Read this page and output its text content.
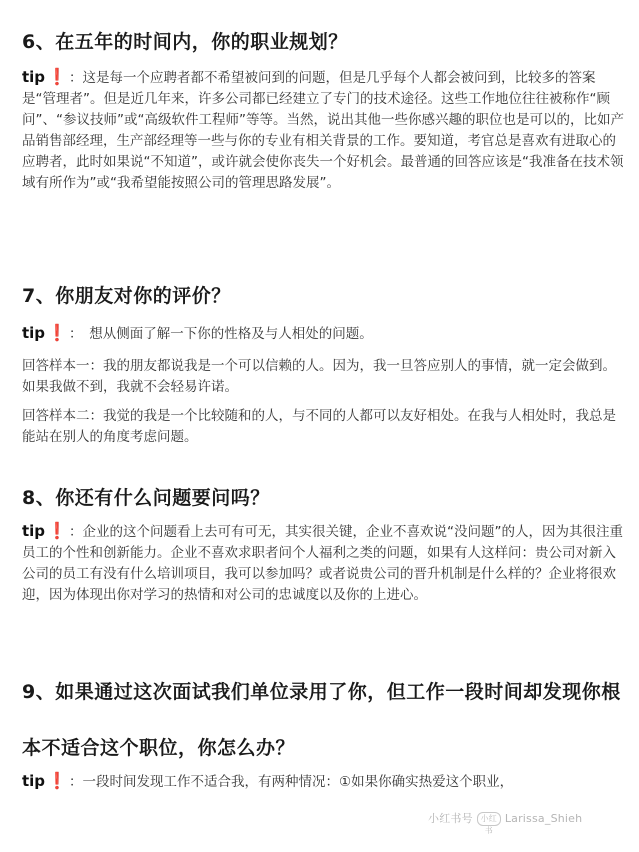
6、在五年的时间内，你的职业规划？
tip ❗ ：这是每一个应聘者都不希望被问到的问题，但是几乎每个人都会被问到，比较多的答案是“管理者”。但是近几年来，许多公司都已经建立了专门的技术途径。这些工作地位往往被称作“顾问”、“参议技师”或“高级软件工程师”等等。当然，说出其他一些你感兴趣的职位也是可以的，比如产品销售部经理，生产部经理等一些与你的专业有相关背景的工作。要知道，考官总是喜欢有进取心的应聘者，此时如果说“不知道”，或许就会使你丧失一个好机会。最普通的回答应该是“我准备在技术领域有所作为”或“我希望能按照公司的管理思路发展”。
7、你朋友对你的评价？
tip ❗ ：　想从侧面了解一下你的性格及与人相处的问题。
回答样本一：我的朋友都说我是一个可以信赖的人。因为，我一旦答应别人的事情，就一定会做到。如果我做不到，我就不会轻易许诺。
回答样本二：我觉的我是一个比较随和的人，与不同的人都可以友好相处。在我与人相处时，我总是能站在别人的角度考虑问题。
8、你还有什么问题要问吗？
tip ❗ ：企业的这个问题看上去可有可无，其实很关键，企业不喜欢说“没问题”的人，因为其很注重员工的个性和创新能力。企业不喜欢求职者问个人福利之类的问题，如果有人这样问：贵公司对新入公司的员工有没有什么培训项目，我可以参加吗？或者说贵公司的晋升机制是什么样的？企业将很欢迎，因为体现出你对学习的热情和对公司的忠诚度以及你的上进心。
9、如果通过这次面试我们单位录用了你，但工作一段时间却发现你根本不适合这个职位，你怎么办？
tip ❗ ：一段时间发现工作不适合我，有两种情况：①如果你确实热爱这个职业，
小红书号 小红书Larissa_Shieh
